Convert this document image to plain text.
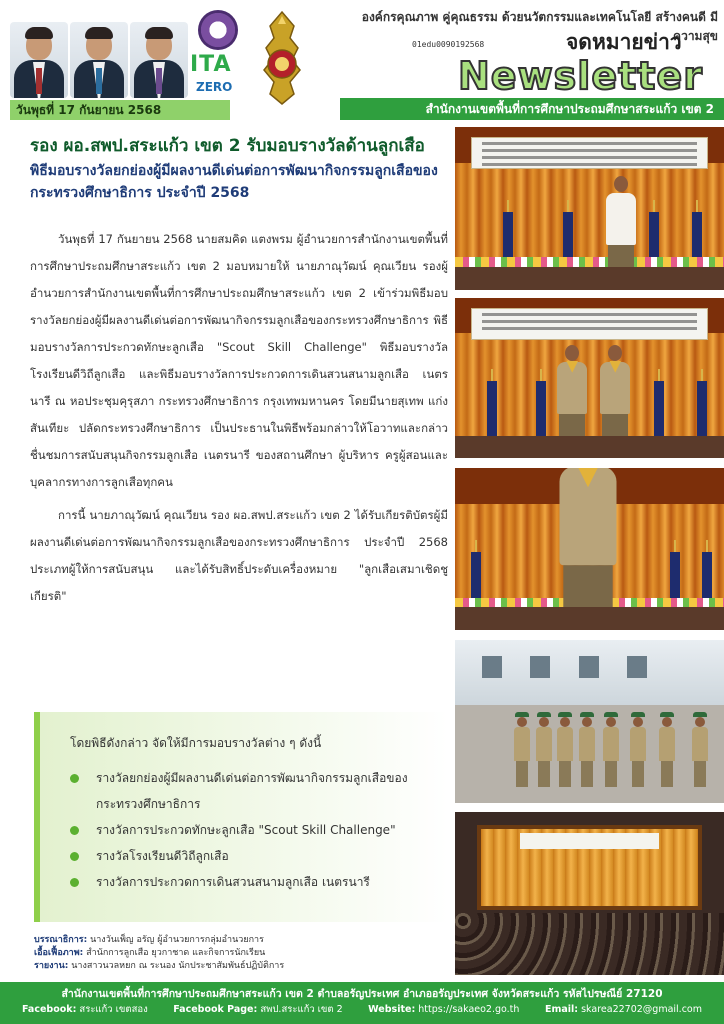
วันพุธที่ 17 กันยายน 2568
ITA
ZERO
องค์กรคุณภาพ คู่คุณธรรม ด้วยนวัตกรรมและเทคโนโลยี สร้างคนดี มีความสุข
01edu0090192568	จดหมายข่าว
Newsletter
สำนักงานเขตพื้นที่การศึกษาประถมศึกษาสระแก้ว เขต 2
รอง ผอ.สพป.สระแก้ว เขต 2 รับมอบรางวัลด้านลูกเสือ
พิธีมอบรางวัลยกย่องผู้มีผลงานดีเด่นต่อการพัฒนากิจกรรมลูกเสือของกระทรวงศึกษาธิการ ประจำปี 2568

วันพุธที่ 17 กันยายน 2568 นายสมคิด แตงพรม ผู้อำนวยการสำนักงานเขตพื้นที่การศึกษาประถมศึกษาสระแก้ว เขต 2 มอบหมายให้ นายภาณุวัฒน์ คุณเวียน รองผู้อำนวยการสำนักงานเขตพื้นที่การศึกษาประถมศึกษาสระแก้ว เขต 2 เข้าร่วมพิธีมอบรางวัลยกย่องผู้มีผลงานดีเด่นต่อการพัฒนากิจกรรมลูกเสือของกระทรวงศึกษาธิการ พิธีมอบรางวัลการประกวดทักษะลูกเสือ "Scout Skill Challenge" พิธีมอบรางวัลโรงเรียนดีวิถีลูกเสือ และพิธีมอบรางวัลการประกวดการเดินสวนสนามลูกเสือ เนตรนารี ณ หอประชุมคุรุสภา กระทรวงศึกษาธิการ กรุงเทพมหานคร โดยมีนายสุเทพ แก่งสันเทียะ ปลัดกระทรวงศึกษาธิการ เป็นประธานในพิธีพร้อมกล่าวให้โอวาทและกล่าวชื่นชมการสนับสนุนกิจกรรมลูกเสือ เนตรนารี ของสถานศึกษา ผู้บริหาร ครูผู้สอนและบุคลากรทางการลูกเสือทุกคน

การนี้ นายภาณุวัฒน์ คุณเวียน รอง ผอ.สพป.สระแก้ว เขต 2 ได้รับเกียรติบัตรผู้มีผลงานดีเด่นต่อการพัฒนากิจกรรมลูกเสือของกระทรวงศึกษาธิการ ประจำปี 2568 ประเภทผู้ให้การสนับสนุน และได้รับสิทธิ์ประดับเครื่องหมาย "ลูกเสือเสมาเชิดชูเกียรติ"

โดยพิธีดังกล่าว จัดให้มีการมอบรางวัลต่าง ๆ ดังนี้
รางวัลยกย่องผู้มีผลงานดีเด่นต่อการพัฒนากิจกรรมลูกเสือของกระทรวงศึกษาธิการ
รางวัลการประกวดทักษะลูกเสือ "Scout Skill Challenge"
รางวัลโรงเรียนดีวิถีลูกเสือ
รางวัลการประกวดการเดินสวนสนามลูกเสือ เนตรนารี
บรรณาธิการ: นางวันเพ็ญ อรัญ ผู้อำนวยการกลุ่มอำนวยการ
เอื้อเฟื้อภาพ: สำนักการลูกเสือ ยุวกาชาด และกิจการนักเรียน
รายงาน: นางสาวนวลหยก ณ ระนอง นักประชาสัมพันธ์ปฏิบัติการ
สำนักงานเขตพื้นที่การศึกษาประถมศึกษาสระแก้ว เขต 2 ตำบลอรัญประเทศ อำเภออรัญประเทศ จังหวัดสระแก้ว รหัสไปรษณีย์ 27120
Facebook: สระแก้ว เขตสอง	Facebook Page: สพป.สระแก้ว เขต 2	Website: https://sakaeo2.go.th	Email: skarea22702@gmail.com
